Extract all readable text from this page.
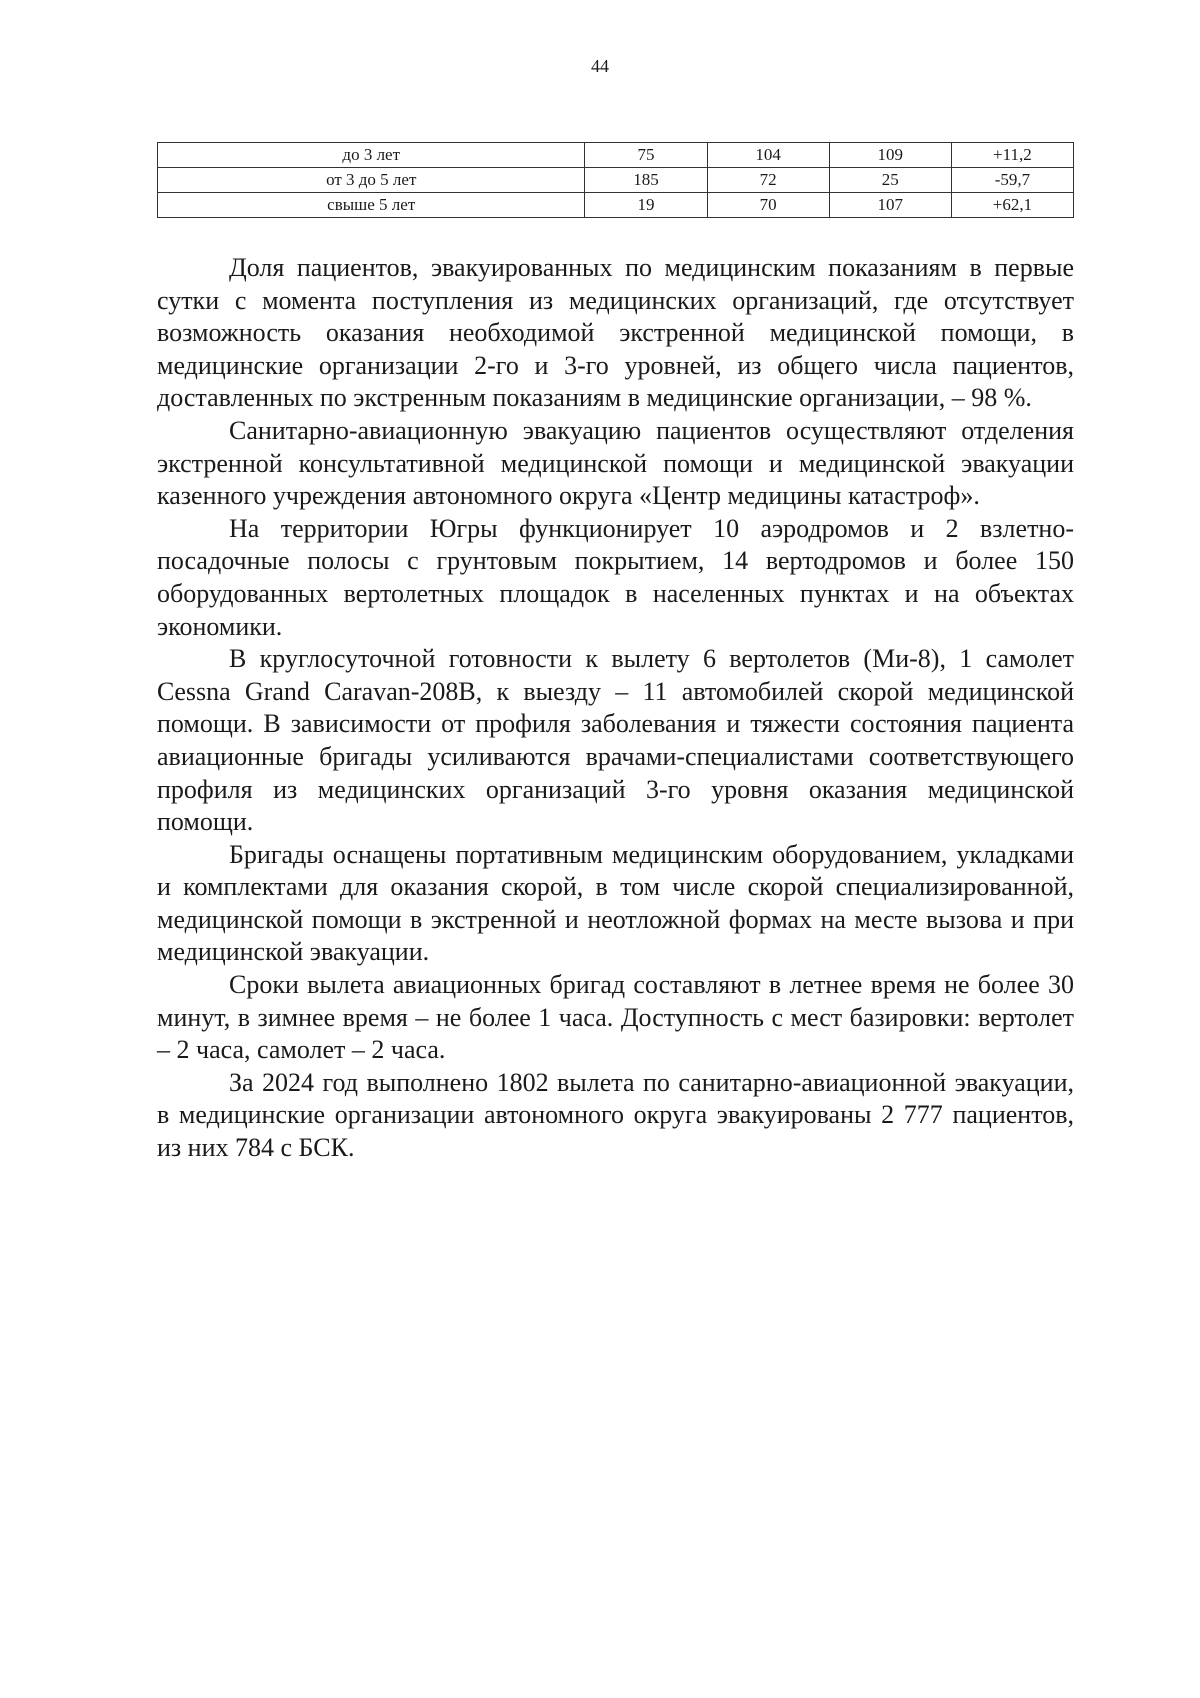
44
до 3 лет	75	104	109	+11,2
от 3 до 5 лет	185	72	25	-59,7
свыше 5 лет	19	70	107	+62,1

Доля пациентов, эвакуированных по медицинским показаниям в первые сутки с момента поступления из медицинских организаций, где отсутствует возможность оказания необходимой экстренной медицинской помощи, в медицинские организации 2-го и 3-го уровней, из общего числа пациентов, доставленных по экстренным показаниям в медицинские организации, – 98 %.

Санитарно-авиационную эвакуацию пациентов осуществляют отделения экстренной консультативной медицинской помощи и медицинской эвакуации казенного учреждения автономного округа «Центр медицины катастроф».

На территории Югры функционирует 10 аэродромов и 2 взлетно-посадочные полосы с грунтовым покрытием, 14 вертодромов и более 150 оборудованных вертолетных площадок в населенных пунктах и на объектах экономики.

В круглосуточной готовности к вылету 6 вертолетов (Ми-8), 1 самолет Cessna Grand Caravan-208B, к выезду – 11 автомобилей скорой медицинской помощи. В зависимости от профиля заболевания и тяжести состояния пациента авиационные бригады усиливаются врачами-специалистами соответствующего профиля из медицинских организаций 3-го уровня оказания медицинской помощи.

Бригады оснащены портативным медицинским оборудованием, укладками и комплектами для оказания скорой, в том числе скорой специализированной, медицинской помощи в экстренной и неотложной формах на месте вызова и при медицинской эвакуации.

Сроки вылета авиационных бригад составляют в летнее время не более 30 минут, в зимнее время – не более 1 часа. Доступность с мест базировки: вертолет – 2 часа, самолет – 2 часа.

За 2024 год выполнено 1802 вылета по санитарно-авиационной эвакуации, в медицинские организации автономного округа эвакуированы 2 777 пациентов, из них 784 с БСК.
